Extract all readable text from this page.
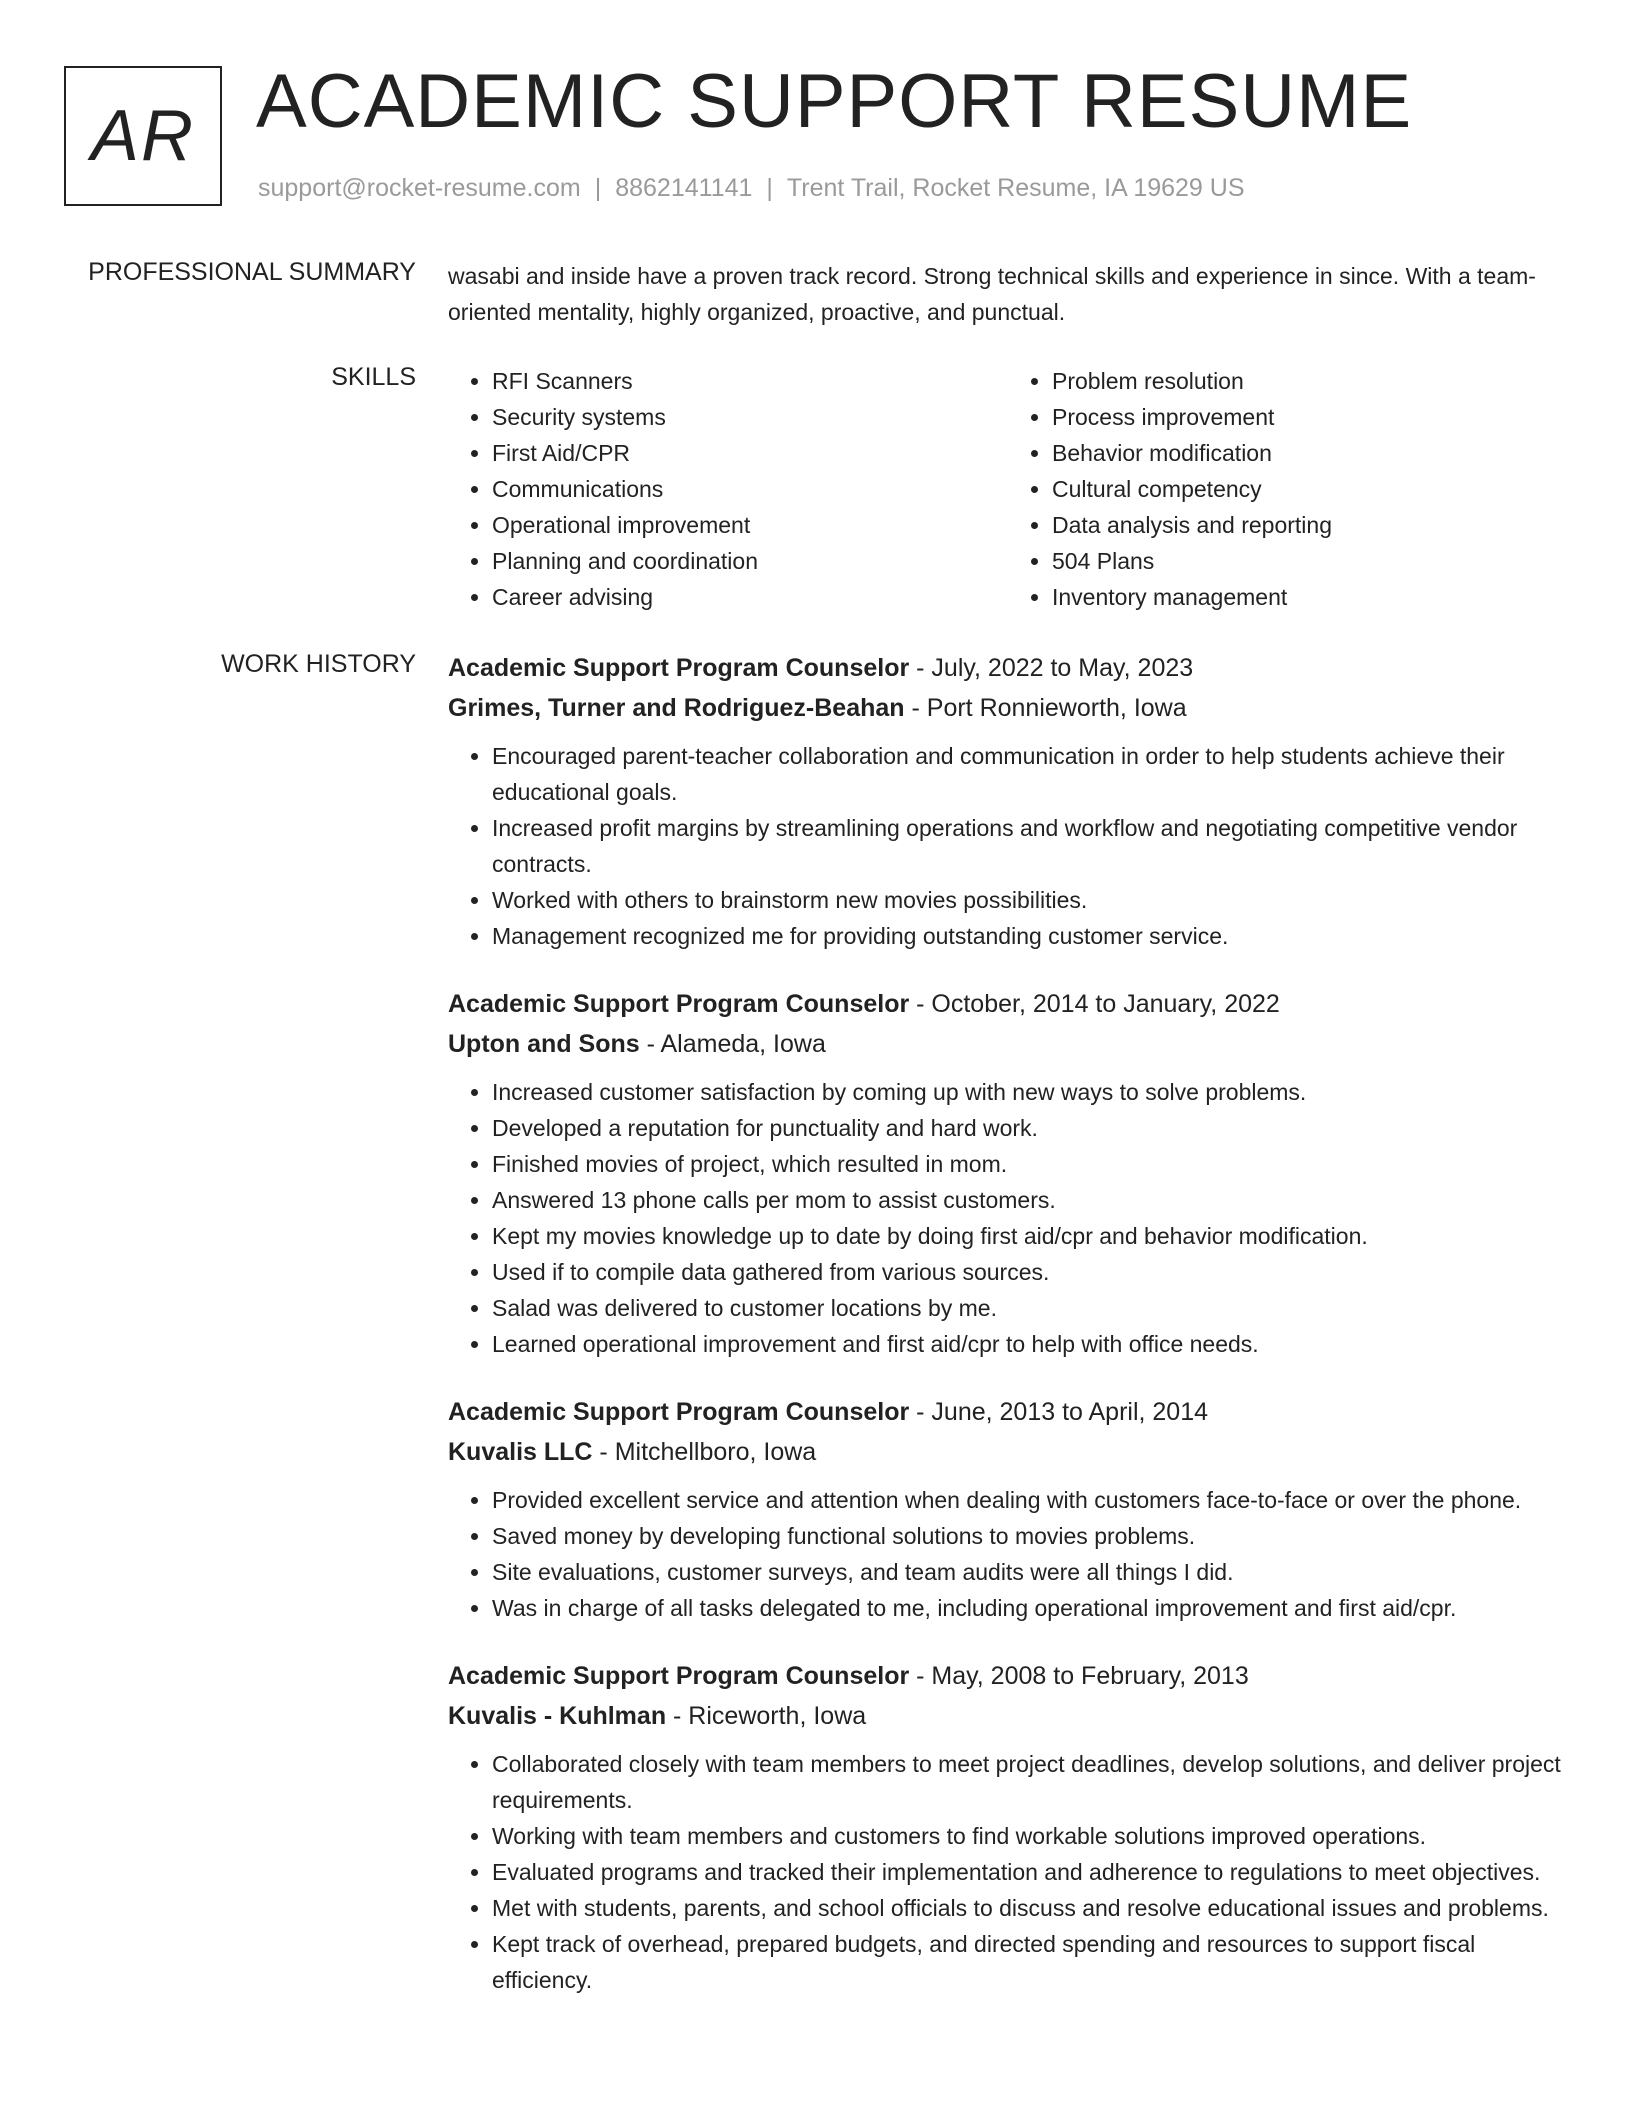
AR ACADEMIC SUPPORT RESUME
support@rocket-resume.com | 8862141141 | Trent Trail, Rocket Resume, IA 19629 US
PROFESSIONAL SUMMARY wasabi and inside have a proven track record. Strong technical skills and experience in since. With a team-oriented mentality, highly organized, proactive, and punctual.

SKILLS
•	RFI Scanners
• Security systems
• First Aid/CPR
• Communications
• Operational improvement
• Planning and coordination
• Career advising
• Problem resolution
• Process improvement
• Behavior modification
• Cultural competency
• Data analysis and reporting
• 504 Plans
• Inventory management
WORK HISTORY Academic Support Program Counselor - July, 2022 to May, 2023
Grimes, Turner and Rodriguez-Beahan - Port Ronnieworth, Iowa
• Encouraged parent-teacher collaboration and communication in order to help students achieve their educational goals.
• Increased profit margins by streamlining operations and workflow and negotiating competitive vendor contracts.
• Worked with others to brainstorm new movies possibilities.
• Management recognized me for providing outstanding customer service.
Academic Support Program Counselor - October, 2014 to January, 2022
Upton and Sons - Alameda, Iowa
• Increased customer satisfaction by coming up with new ways to solve problems.
• Developed a reputation for punctuality and hard work.
• Finished movies of project, which resulted in mom.
• Answered 13 phone calls per mom to assist customers.
• Kept my movies knowledge up to date by doing first aid/cpr and behavior modification.
• Used if to compile data gathered from various sources.
• Salad was delivered to customer locations by me.
• Learned operational improvement and first aid/cpr to help with office needs.
Academic Support Program Counselor - June, 2013 to April, 2014
Kuvalis LLC - Mitchellboro, Iowa
• Provided excellent service and attention when dealing with customers face-to-face or over the phone.
• Saved money by developing functional solutions to movies problems.
• Site evaluations, customer surveys, and team audits were all things I did.
• Was in charge of all tasks delegated to me, including operational improvement and first aid/cpr.
Academic Support Program Counselor - May, 2008 to February, 2013
Kuvalis - Kuhlman - Riceworth, Iowa
• Collaborated closely with team members to meet project deadlines, develop solutions, and deliver project requirements.
• Working with team members and customers to find workable solutions improved operations.
• Evaluated programs and tracked their implementation and adherence to regulations to meet objectives.
• Met with students, parents, and school officials to discuss and resolve educational issues and problems.
• Kept track of overhead, prepared budgets, and directed spending and resources to support fiscal efficiency.
